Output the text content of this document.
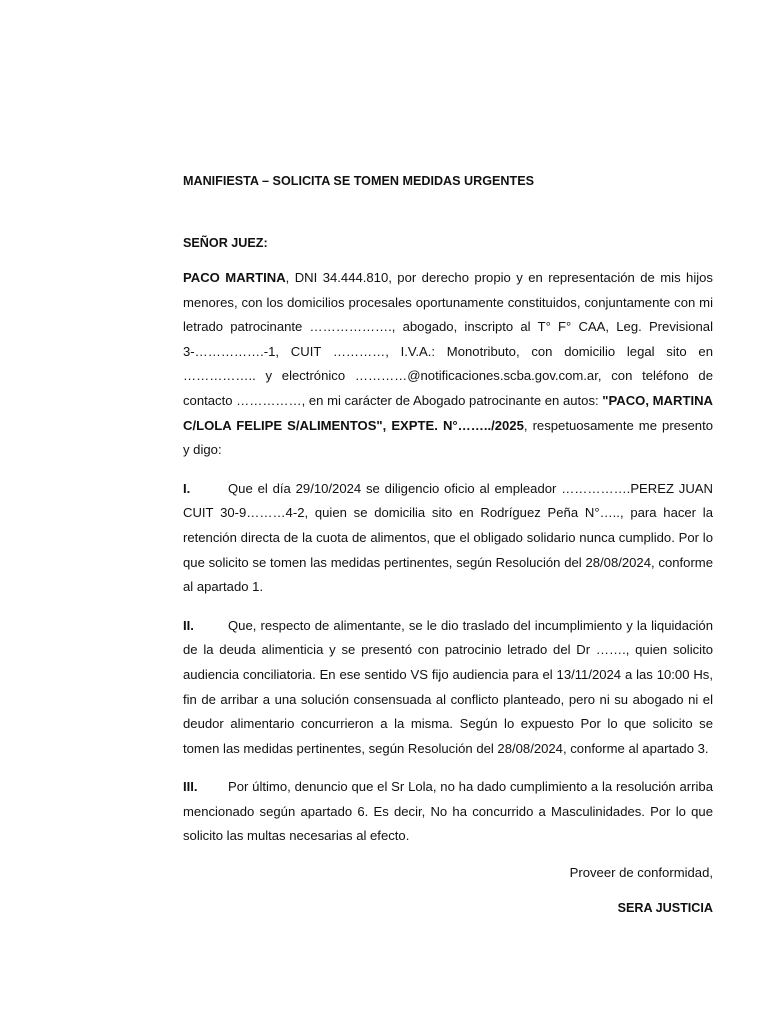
MANIFIESTA – SOLICITA SE TOMEN MEDIDAS URGENTES

SEÑOR JUEZ:

PACO MARTINA, DNI 34.444.810, por derecho propio y en representación de mis hijos menores, con los domicilios procesales oportunamente constituidos, conjuntamente con mi letrado patrocinante ………………., abogado, inscripto al T° F° CAA, Leg. Previsional 3-…………….-1, CUIT …………, I.V.A.: Monotributo, con domicilio legal sito en …………….. y electrónico …………@notificaciones.scba.gov.com.ar, con teléfono de contacto ……………, en mi carácter de Abogado patrocinante en autos: "PACO, MARTINA C/LOLA FELIPE S/ALIMENTOS", EXPTE. N°……../2025, respetuosamente me presento y digo:

I.	Que el día 29/10/2024 se diligencio oficio al empleador …………….PEREZ JUAN CUIT 30-9………4-2, quien se domicilia sito en Rodríguez Peña N°….., para hacer la retención directa de la cuota de alimentos, que el obligado solidario nunca cumplido. Por lo que solicito se tomen las medidas pertinentes, según Resolución del 28/08/2024, conforme al apartado 1.

II.	Que, respecto de alimentante, se le dio traslado del incumplimiento y la liquidación de la deuda alimenticia y se presentó con patrocinio letrado del Dr ……., quien solicito audiencia conciliatoria. En ese sentido VS fijo audiencia para el 13/11/2024 a las 10:00 Hs, fin de arribar a una solución consensuada al conflicto planteado, pero ni su abogado ni el deudor alimentario concurrieron a la misma. Según lo expuesto Por lo que solicito se tomen las medidas pertinentes, según Resolución del 28/08/2024, conforme al apartado 3.

III. Por último, denuncio que el Sr Lola, no ha dado cumplimiento a la resolución arriba mencionado según apartado 6. Es decir, No ha concurrido a Masculinidades. Por lo que solicito las multas necesarias al efecto.

Proveer de conformidad,

SERA JUSTICIA
